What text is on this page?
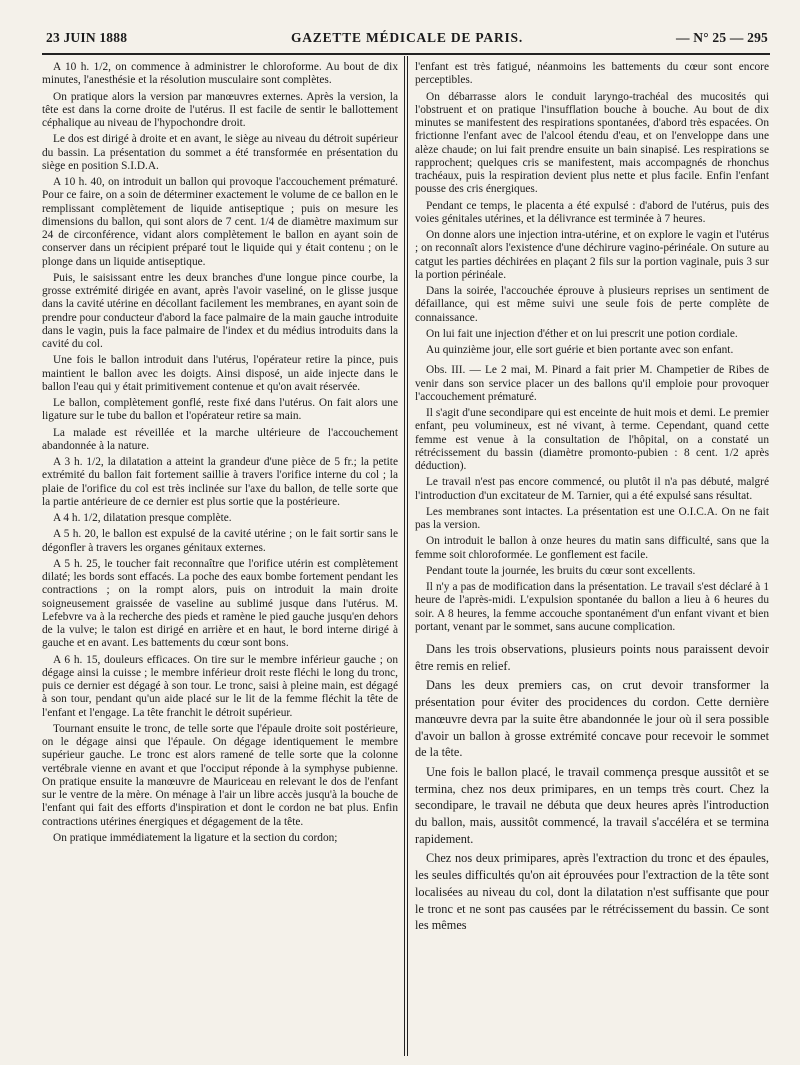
23 JUIN 1888	GAZETTE MÉDICALE DE PARIS.	— N° 25 — 295

A 10 h. 1/2, on commence à administrer le chloroforme. Au bout de dix minutes, l'anesthésie et la résolution musculaire sont complètes.

On pratique alors la version par manœuvres externes. Après la version, la tête est dans la corne droite de l'utérus. Il est facile de sentir le ballottement céphalique au niveau de l'hypochondre droit.

Le dos est dirigé à droite et en avant, le siège au niveau du détroit supérieur du bassin. La présentation du sommet a été transformée en présentation du siège en position S.I.D.A.

A 10 h. 40, on introduit un ballon qui provoque l'accouchement prématuré. Pour ce faire, on a soin de déterminer exactement le volume de ce ballon en le remplissant complètement de liquide antiseptique ; puis on mesure les dimensions du ballon, qui sont alors de 7 cent. 1/4 de diamètre maximum sur 24 de circonférence, vidant alors complètement le ballon en ayant soin de conserver dans un récipient préparé tout le liquide qui y était contenu ; on le plonge dans un liquide antiseptique.

Puis, le saisissant entre les deux branches d'une longue pince courbe, la grosse extrémité dirigée en avant, après l'avoir vaseliné, on le glisse jusque dans la cavité utérine en décollant facilement les membranes, en ayant soin de prendre pour conducteur d'abord la face palmaire de la main gauche introduite dans le vagin, puis la face palmaire de l'index et du médius introduits dans la cavité du col.

Une fois le ballon introduit dans l'utérus, l'opérateur retire la pince, puis maintient le ballon avec les doigts. Ainsi disposé, un aide injecte dans le ballon l'eau qui y était primitivement contenue et qu'on avait réservée.

Le ballon, complètement gonflé, reste fixé dans l'utérus. On fait alors une ligature sur le tube du ballon et l'opérateur retire sa main.

La malade est réveillée et la marche ultérieure de l'accouchement abandonnée à la nature.

A 3 h. 1/2, la dilatation a atteint la grandeur d'une pièce de 5 fr.; la petite extrémité du ballon fait fortement saillie à travers l'orifice interne du col ; la plaie de l'orifice du col est très inclinée sur l'axe du ballon, de telle sorte que la partie antérieure de ce dernier est plus sortie que la postérieure.

A 4 h. 1/2, dilatation presque complète.

A 5 h. 20, le ballon est expulsé de la cavité utérine ; on le fait sortir sans le dégonfler à travers les organes génitaux externes.

A 5 h. 25, le toucher fait reconnaître que l'orifice utérin est complètement dilaté; les bords sont effacés. La poche des eaux bombe fortement pendant les contractions ; on la rompt alors, puis on introduit la main droite soigneusement graissée de vaseline au sublimé jusque dans l'utérus. M. Lefebvre va à la recherche des pieds et ramène le pied gauche jusqu'en dehors de la vulve; le talon est dirigé en arrière et en haut, le bord interne dirigé à gauche et en avant. Les battements du cœur sont bons.

A 6 h. 15, douleurs efficaces. On tire sur le membre inférieur gauche ; on dégage ainsi la cuisse ; le membre inférieur droit reste fléchi le long du tronc, puis ce dernier est dégagé à son tour. Le tronc, saisi à pleine main, est dégagé à son tour, pendant qu'un aide placé sur le lit de la femme fléchit la tête de l'enfant et l'engage. La tête franchit le détroit supérieur.

Tournant ensuite le tronc, de telle sorte que l'épaule droite soit postérieure, on le dégage ainsi que l'épaule. On dégage identiquement le membre supérieur gauche. Le tronc est alors ramené de telle sorte que la colonne vertébrale vienne en avant et que l'occiput réponde à la symphyse pubienne. On pratique ensuite la manœuvre de Mauriceau en relevant le dos de l'enfant sur le ventre de la mère. On ménage à l'air un libre accès jusqu'à la bouche de l'enfant qui fait des efforts d'inspiration et dont le cordon ne bat plus. Enfin contractions utérines énergiques et dégagement de la tête.

On pratique immédiatement la ligature et la section du cordon;

l'enfant est très fatigué, néanmoins les battements du cœur sont encore perceptibles.

On débarrasse alors le conduit laryngo-trachéal des mucosités qui l'obstruent et on pratique l'insufflation bouche à bouche. Au bout de dix minutes se manifestent des respirations spontanées, d'abord très espacées. On frictionne l'enfant avec de l'alcool étendu d'eau, et on l'enveloppe dans une alèze chaude; on lui fait prendre ensuite un bain sinapisé. Les respirations se rapprochent; quelques cris se manifestent, mais accompagnés de rhonchus trachéaux, puis la respiration devient plus nette et plus facile. Enfin l'enfant pousse des cris énergiques.

Pendant ce temps, le placenta a été expulsé : d'abord de l'utérus, puis des voies génitales utérines, et la délivrance est terminée à 7 heures.

On donne alors une injection intra-utérine, et on explore le vagin et l'utérus ; on reconnaît alors l'existence d'une déchirure vagino-périnéale. On suture au catgut les parties déchirées en plaçant 2 fils sur la portion vaginale, puis 3 sur la portion périnéale.

Dans la soirée, l'accouchée éprouve à plusieurs reprises un sentiment de défaillance, qui est même suivi une seule fois de perte complète de connaissance.

On lui fait une injection d'éther et on lui prescrit une potion cordiale.

Au quinzième jour, elle sort guérie et bien portante avec son enfant.

Obs. III. — Le 2 mai, M. Pinard a fait prier M. Champetier de Ribes de venir dans son service placer un des ballons qu'il emploie pour provoquer l'accouchement prématuré.

Il s'agit d'une secondipare qui est enceinte de huit mois et demi. Le premier enfant, peu volumineux, est né vivant, à terme. Cependant, quand cette femme est venue à la consultation de l'hôpital, on a constaté un rétrécissement du bassin (diamètre promonto-pubien : 8 cent. 1/2 après déduction).

Le travail n'est pas encore commencé, ou plutôt il n'a pas débuté, malgré l'introduction d'un excitateur de M. Tarnier, qui a été expulsé sans résultat.

Les membranes sont intactes. La présentation est une O.I.C.A. On ne fait pas la version.

On introduit le ballon à onze heures du matin sans difficulté, sans que la femme soit chloroformée. Le gonflement est facile.

Pendant toute la journée, les bruits du cœur sont excellents.

Il n'y a pas de modification dans la présentation. Le travail s'est déclaré à 1 heure de l'après-midi. L'expulsion spontanée du ballon a lieu à 6 heures du soir. A 8 heures, la femme accouche spontanément d'un enfant vivant et bien portant, venant par le sommet, sans aucune complication.

Dans les trois observations, plusieurs points nous paraissent devoir être remis en relief.

Dans les deux premiers cas, on crut devoir transformer la présentation pour éviter des procidences du cordon. Cette dernière manœuvre devra par la suite être abandonnée le jour où il sera possible d'avoir un ballon à grosse extrémité concave pour recevoir le sommet de la tête.

Une fois le ballon placé, le travail commença presque aussitôt et se termina, chez nos deux primipares, en un temps très court. Chez la secondipare, le travail ne débuta que deux heures après l'introduction du ballon, mais, aussitôt commencé, la travail s'accéléra et se termina rapidement.

Chez nos deux primipares, après l'extraction du tronc et des épaules, les seules difficultés qu'on ait éprouvées pour l'extraction de la tête sont localisées au niveau du col, dont la dilatation n'est suffisante que pour le tronc et ne sont pas causées par le rétrécissement du bassin. Ce sont les mêmes
